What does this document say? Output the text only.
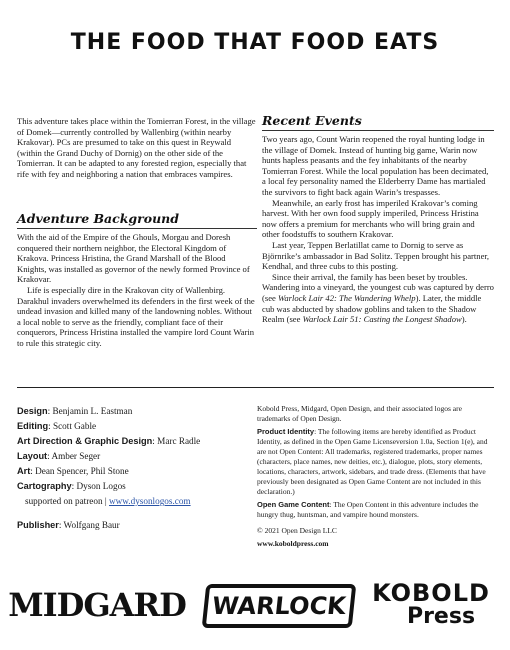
THE FOOD THAT FOOD EATS

This adventure takes place within the Tomierran Forest, in the village of Domek—currently controlled by Wallenbirg (within nearby Krakovar). PCs are presumed to take on this quest in Reywald (within the Grand Duchy of Dornig) on the other side of the Tomierran. It can be adapted to any forested region, especially that rife with fey and neighboring a nation that embraces vampires.

Adventure Background

With the aid of the Empire of the Ghouls, Morgau and Doresh conquered their northern neighbor, the Electoral Kingdom of Krakova. Princess Hristina, the Grand Marshall of the Blood Knights, was installed as governor of the newly formed Province of Krakovar.

Life is especially dire in the Krakovan city of Wallenbirg. Darakhul invaders overwhelmed its defenders in the first week of the undead invasion and killed many of the landowning nobles. Without a local noble to serve as the friendly, compliant face of their conquerors, Princess Hristina installed the vampire lord Count Warin to rule this strategic city.

Recent Events

Two years ago, Count Warin reopened the royal hunting lodge in the village of Domek. Instead of hunting big game, Warin now hunts hapless peasants and the fey inhabitants of the nearby Tomierran Forest. While the local population has been decimated, a local fey personality named the Elderberry Dame has martialed the survivors to fight back again Warin’s trespasses.

Meanwhile, an early frost has imperiled Krakovar’s coming harvest. With her own food supply imperiled, Princess Hristina now offers a premium for merchants who will bring grain and other foodstuffs to southern Krakovar.

Last year, Teppen Berlatillat came to Dornig to serve as Björnrike’s ambassador in Bad Solitz. Teppen brought his partner, Kendhal, and three cubs to this posting.

Since their arrival, the family has been beset by troubles. Wandering into a vineyard, the youngest cub was captured by derro (see Warlock Lair 42: The Wandering Whelp). Later, the middle cub was abducted by shadow goblins and taken to the Shadow Realm (see Warlock Lair 51: Casting the Longest Shadow).

Design: Benjamin L. Eastman
Editing: Scott Gable
Art Direction & Graphic Design: Marc Radle
Layout: Amber Seger
Art: Dean Spencer, Phil Stone
Cartography: Dyson Logos
supported on patreon | www.dysonlogos.com
Publisher: Wolfgang Baur

Kobold Press, Midgard, Open Design, and their associated logos are trademarks of Open Design.

Product Identity: The following items are hereby identified as Product Identity, as defined in the Open Game Licenseversion 1.0a, Section 1(e), and are not Open Content: All trademarks, registered trademarks, proper names (characters, place names, new deities, etc.), dialogue, plots, story elements, locations, characters, artwork, sidebars, and trade dress. (Elements that have previously been designated as Open Game Content are not included in this declaration.)

Open Game Content: The Open Content in this adventure includes the hungry thug, huntsman, and vampire hound monsters.

© 2021 Open Design LLC

www.koboldpress.com

MIDGARD	WARLOCK	KOBOLD
Press
